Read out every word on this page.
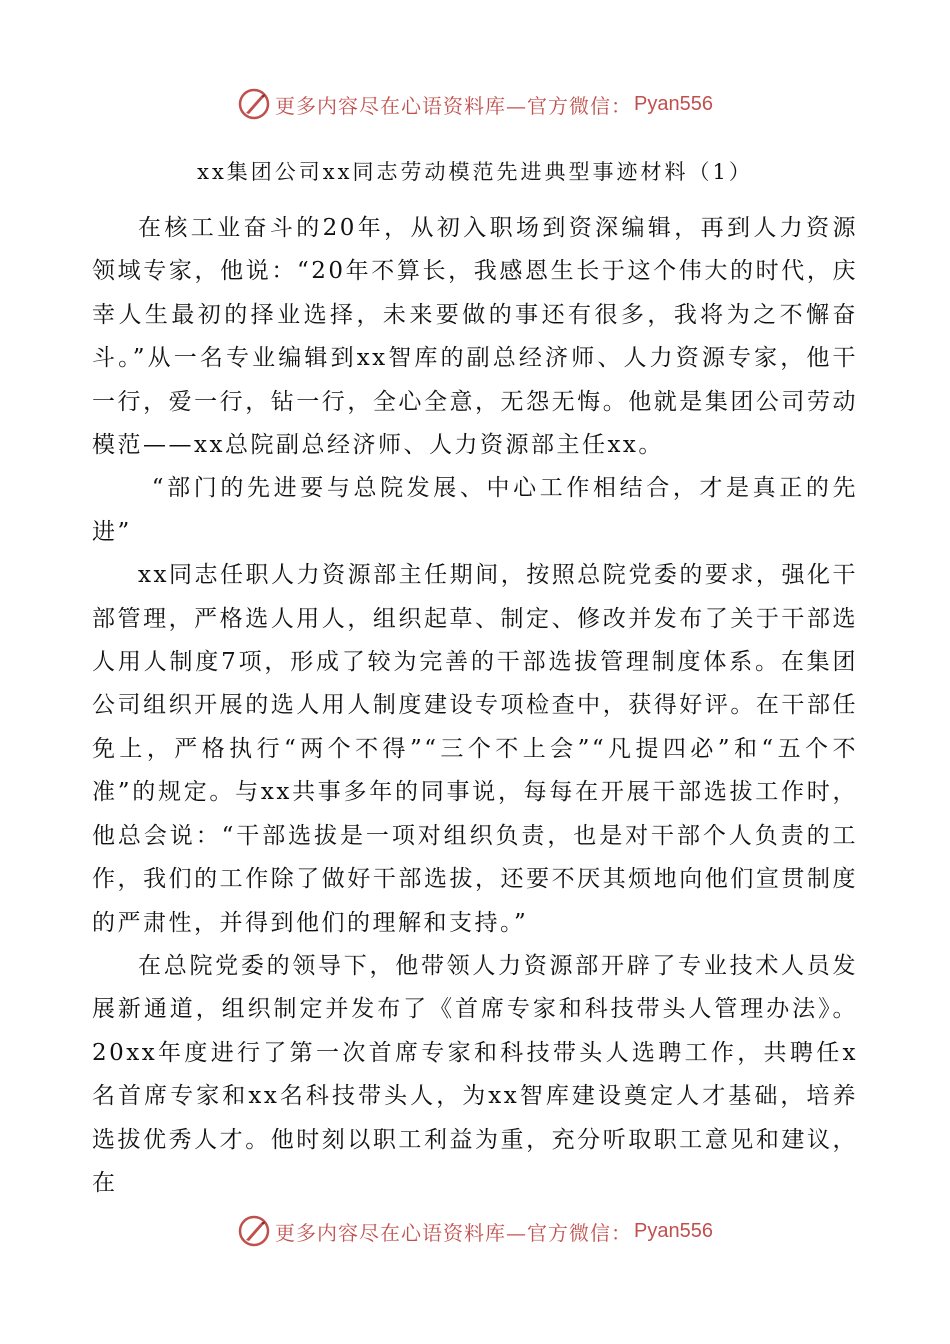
更多内容尽在心语资料库—官方微信： Pyan556
xx集团公司xx同志劳动模范先进典型事迹材料（1）

在核工业奋斗的20年，从初入职场到资深编辑，再到人力资源领域专家，他说：“20年不算长，我感恩生长于这个伟大的时代，庆幸人生最初的择业选择，未来要做的事还有很多，我将为之不懈奋斗。”从一名专业编辑到xx智库的副总经济师、人力资源专家，他干一行，爱一行，钻一行，全心全意，无怨无悔。他就是集团公司劳动模范——xx总院副总经济师、人力资源部主任xx。

“部门的先进要与总院发展、中心工作相结合，才是真正的先进”

xx同志任职人力资源部主任期间，按照总院党委的要求，强化干部管理，严格选人用人，组织起草、制定、修改并发布了关于干部选人用人制度7项，形成了较为完善的干部选拔管理制度体系。在集团公司组织开展的选人用人制度建设专项检查中，获得好评。在干部任免上，严格执行“两个不得”“三个不上会”“凡提四必”和“五个不准”的规定。与xx共事多年的同事说，每每在开展干部选拔工作时，他总会说：“干部选拔是一项对组织负责，也是对干部个人负责的工作，我们的工作除了做好干部选拔，还要不厌其烦地向他们宣贯制度的严肃性，并得到他们的理解和支持。”

在总院党委的领导下，他带领人力资源部开辟了专业技术人员发展新通道，组织制定并发布了《首席专家和科技带头人管理办法》。20xx年度进行了第一次首席专家和科技带头人选聘工作，共聘任x名首席专家和xx名科技带头人，为xx智库建设奠定人才基础，培养选拔优秀人才。他时刻以职工利益为重，充分听取职工意见和建议，在

更多内容尽在心语资料库—官方微信： Pyan556
